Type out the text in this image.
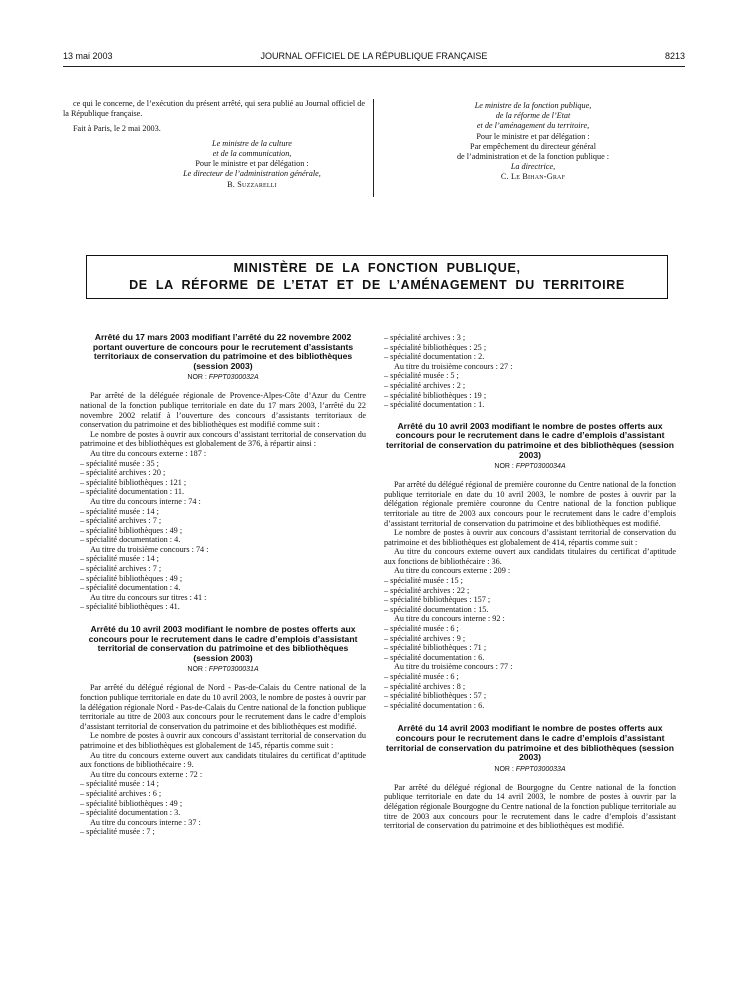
13 mai 2003	JOURNAL OFFICIEL DE LA RÉPUBLIQUE FRANÇAISE	8213

ce qui le concerne, de l’exécution du présent arrêté, qui sera publié au Journal officiel de la République française.

Fait à Paris, le 2 mai 2003.

Le ministre de la culture

et de la communication,

Pour le ministre et par délégation :

Le directeur de l’administration générale,

B. Suzzarelli

Le ministre de la fonction publique,

de la réforme de l’Etat

et de l’aménagement du territoire,

Pour le ministre et par délégation :

Par empêchement du directeur général

de l’administration et de la fonction publique :

La directrice,

C. Le Bihan-Graf

MINISTÈRE DE LA FONCTION PUBLIQUE,
DE LA RÉFORME DE L’ETAT ET DE L’AMÉNAGEMENT DU TERRITOIRE

Arrêté du 17 mars 2003 modifiant l’arrêté du 22 novembre 2002 portant ouverture de concours pour le recrutement d’assistants territoriaux de conservation du patrimoine et des bibliothèques (session 2003)

NOR : FPPT0300032A

Par arrêté de la déléguée régionale de Provence-Alpes-Côte d’Azur du Centre national de la fonction publique territoriale en date du 17 mars 2003, l’arrêté du 22 novembre 2002 relatif à l’ouverture des concours d’assistants territoriaux de conservation du patrimoine et des bibliothèques est modifié comme suit :

Le nombre de postes à ouvrir aux concours d’assistant territorial de conservation du patrimoine et des bibliothèques est globalement de 376, à répartir ainsi :

Au titre du concours externe : 187 :

– spécialité musée : 35 ;

– spécialité archives : 20 ;

– spécialité bibliothèques : 121 ;

– spécialité documentation : 11.

Au titre du concours interne : 74 :

– spécialité musée : 14 ;

– spécialité archives : 7 ;

– spécialité bibliothèques : 49 ;

– spécialité documentation : 4.

Au titre du troisième concours : 74 :

– spécialité musée : 14 ;

– spécialité archives : 7 ;

– spécialité bibliothèques : 49 ;

– spécialité documentation : 4.

Au titre du concours sur titres : 41 :

– spécialité bibliothèques : 41.

Arrêté du 10 avril 2003 modifiant le nombre de postes offerts aux concours pour le recrutement dans le cadre d’emplois d’assistant territorial de conservation du patrimoine et des bibliothèques (session 2003)

NOR : FPPT0300031A

Par arrêté du délégué régional de Nord - Pas-de-Calais du Centre national de la fonction publique territoriale en date du 10 avril 2003, le nombre de postes à ouvrir par la délégation régionale Nord - Pas-de-Calais du Centre national de la fonction publique territoriale au titre de 2003 aux concours pour le recrutement dans le cadre d’emplois d’assistant territorial de conservation du patrimoine et des bibliothèques est modifié.

Le nombre de postes à ouvrir aux concours d’assistant territorial de conservation du patrimoine et des bibliothèques est globalement de 145, répartis comme suit :

Au titre du concours externe ouvert aux candidats titulaires du certificat d’aptitude aux fonctions de bibliothécaire : 9.

Au titre du concours externe : 72 :

– spécialité musée : 14 ;

– spécialité archives : 6 ;

– spécialité bibliothèques : 49 ;

– spécialité documentation : 3.

Au titre du concours interne : 37 :

– spécialité musée : 7 ;

– spécialité archives : 3 ;

– spécialité bibliothèques : 25 ;

– spécialité documentation : 2.

Au titre du troisième concours : 27 :

– spécialité musée : 5 ;

– spécialité archives : 2 ;

– spécialité bibliothèques : 19 ;

– spécialité documentation : 1.

Arrêté du 10 avril 2003 modifiant le nombre de postes offerts aux concours pour le recrutement dans le cadre d’emplois d’assistant territorial de conservation du patrimoine et des bibliothèques (session 2003)

NOR : FPPT0300034A

Par arrêté du délégué régional de première couronne du Centre national de la fonction publique territoriale en date du 10 avril 2003, le nombre de postes à ouvrir par la délégation régionale première couronne du Centre national de la fonction publique territoriale au titre de 2003 aux concours pour le recrutement dans le cadre d’emplois d’assistant territorial de conservation du patrimoine et des bibliothèques est modifié.

Le nombre de postes à ouvrir aux concours d’assistant territorial de conservation du patrimoine et des bibliothèques est globalement de 414, répartis comme suit :

Au titre du concours externe ouvert aux candidats titulaires du certificat d’aptitude aux fonctions de bibliothécaire : 36.

Au titre du concours externe : 209 :

– spécialité musée : 15 ;

– spécialité archives : 22 ;

– spécialité bibliothèques : 157 ;

– spécialité documentation : 15.

Au titre du concours interne : 92 :

– spécialité musée : 6 ;

– spécialité archives : 9 ;

– spécialité bibliothèques : 71 ;

– spécialité documentation : 6.

Au titre du troisième concours : 77 :

– spécialité musée : 6 ;

– spécialité archives : 8 ;

– spécialité bibliothèques : 57 ;

– spécialité documentation : 6.

Arrêté du 14 avril 2003 modifiant le nombre de postes offerts aux concours pour le recrutement dans le cadre d’emplois d’assistant territorial de conservation du patrimoine et des bibliothèques (session 2003)

NOR : FPPT0300033A

Par arrêté du délégué régional de Bourgogne du Centre national de la fonction publique territoriale en date du 14 avril 2003, le nombre de postes à ouvrir par la délégation régionale Bourgogne du Centre national de la fonction publique territoriale au titre de 2003 aux concours pour le recrutement dans le cadre d’emplois d’assistant territorial de conservation du patrimoine et des bibliothèques est modifié.
